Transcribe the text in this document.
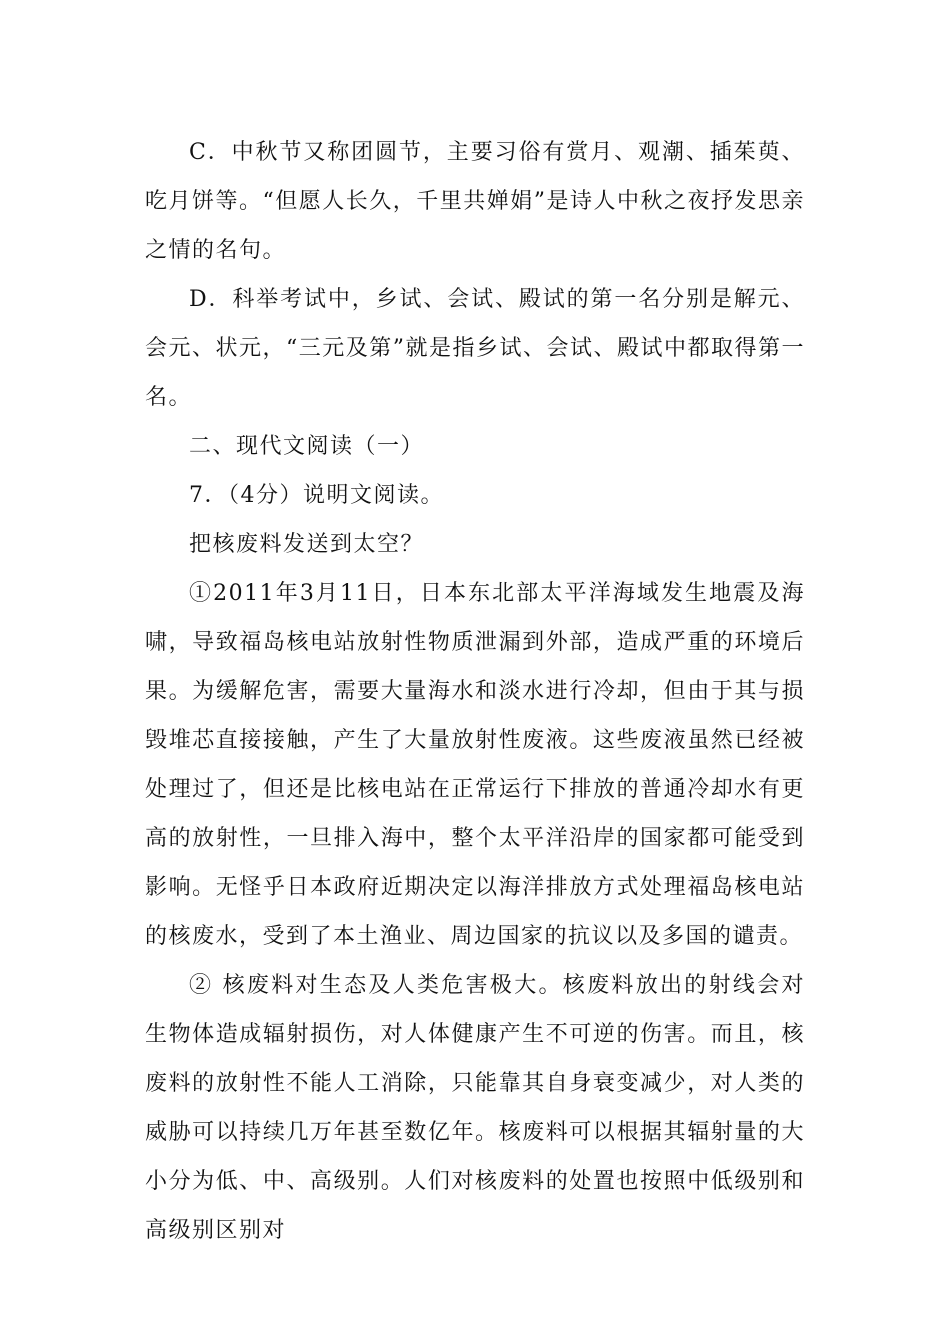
C．中秋节又称团圆节，主要习俗有赏月、观潮、插茱萸、吃月饼等。“但愿人长久，千里共婵娟”是诗人中秋之夜抒发思亲之情的名句。

D．科举考试中，乡试、会试、殿试的第一名分别是解元、会元、状元，“三元及第”就是指乡试、会试、殿试中都取得第一名。

二、现代文阅读（一）

7．（4分）说明文阅读。

把核废料发送到太空？

①2011年3月11日，日本东北部太平洋海域发生地震及海啸，导致福岛核电站放射性物质泄漏到外部，造成严重的环境后果。为缓解危害，需要大量海水和淡水进行冷却，但由于其与损毁堆芯直接接触，产生了大量放射性废液。这些废液虽然已经被处理过了，但还是比核电站在正常运行下排放的普通冷却水有更高的放射性，一旦排入海中，整个太平洋沿岸的国家都可能受到影响。无怪乎日本政府近期决定以海洋排放方式处理福岛核电站的核废水，受到了本土渔业、周边国家的抗议以及多国的谴责。

② 核废料对生态及人类危害极大。核废料放出的射线会对生物体造成辐射损伤，对人体健康产生不可逆的伤害。而且，核废料的放射性不能人工消除，只能靠其自身衰变减少，对人类的威胁可以持续几万年甚至数亿年。核废料可以根据其辐射量的大小分为低、中、高级别。人们对核废料的处置也按照中低级别和高级别区别对
